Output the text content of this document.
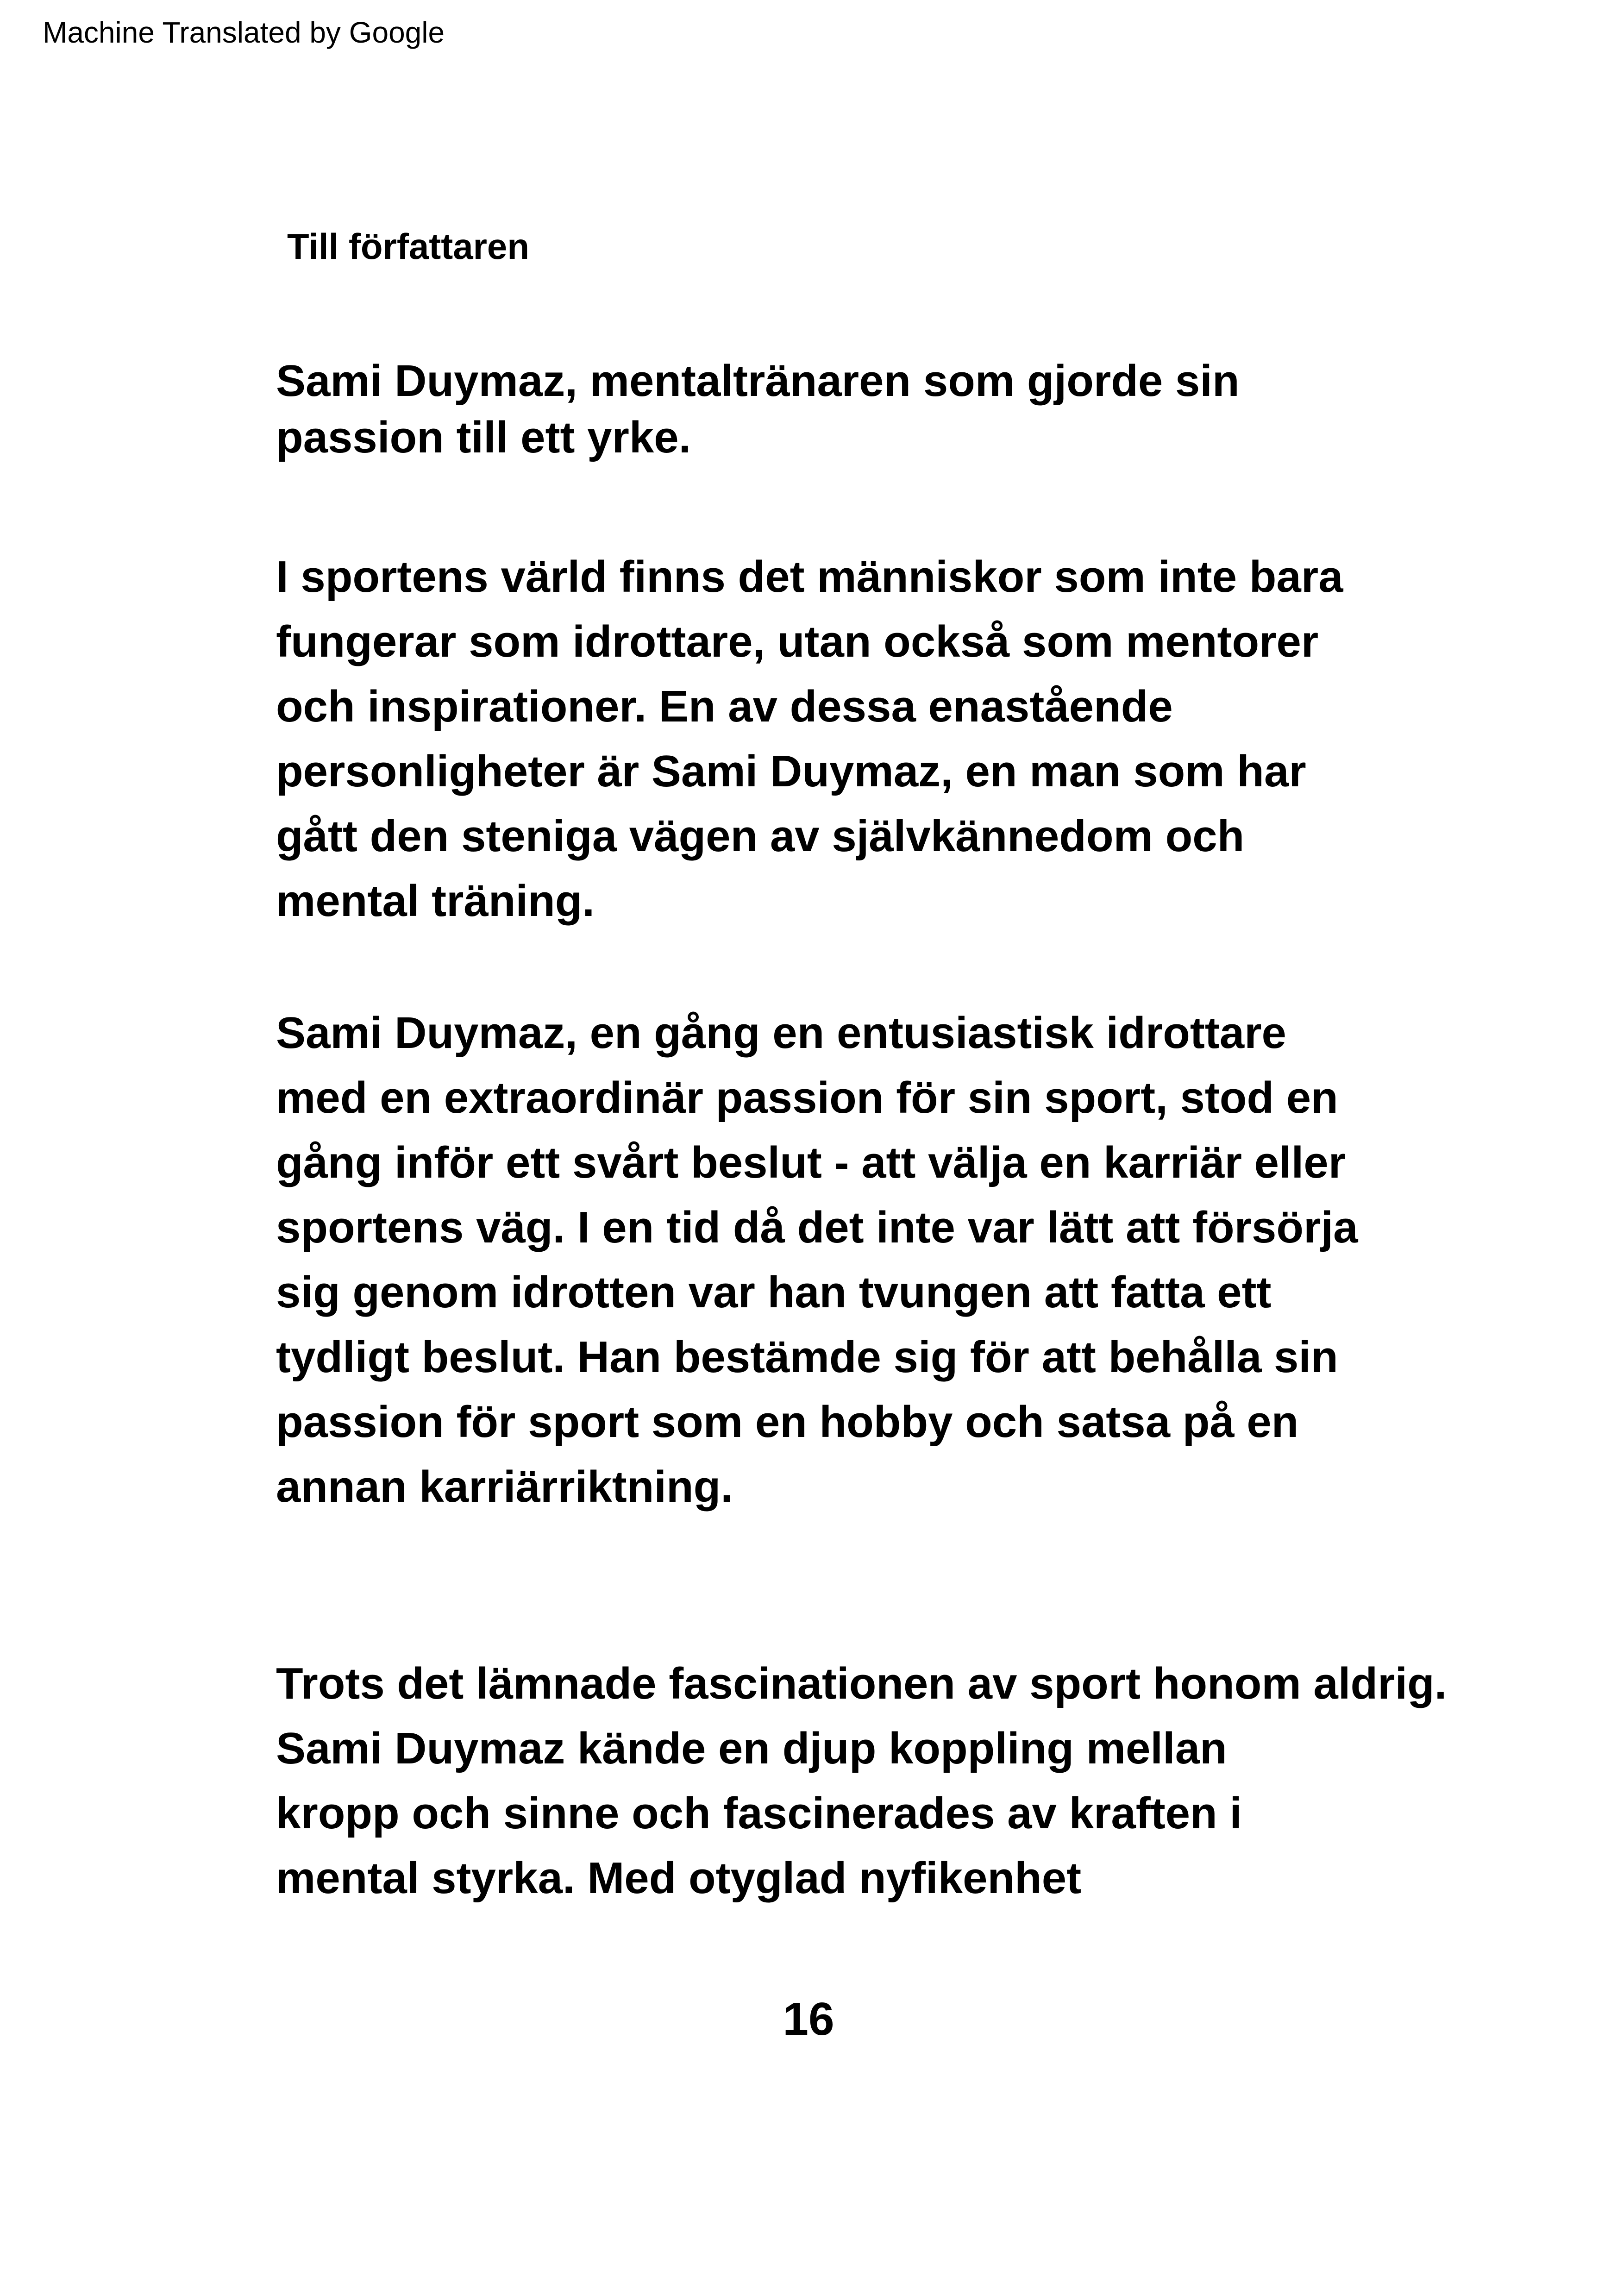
Machine Translated by Google
Till författaren
Sami Duymaz, mentaltränaren som gjorde sin
passion till ett yrke.

I sportens värld finns det människor som inte bara
fungerar som idrottare, utan också som mentorer
och inspirationer. En av dessa enastående
personligheter är Sami Duymaz, en man som har
gått den steniga vägen av självkännedom och
mental träning.

Sami Duymaz, en gång en entusiastisk idrottare
med en extraordinär passion för sin sport, stod en
gång inför ett svårt beslut - att välja en karriär eller
sportens väg. I en tid då det inte var lätt att försörja
sig genom idrotten var han tvungen att fatta ett
tydligt beslut. Han bestämde sig för att behålla sin
passion för sport som en hobby och satsa på en
annan karriärriktning.

Trots det lämnade fascinationen av sport honom aldrig.
Sami Duymaz kände en djup koppling mellan
kropp och sinne och fascinerades av kraften i
mental styrka. Med otyglad nyfikenhet

16
